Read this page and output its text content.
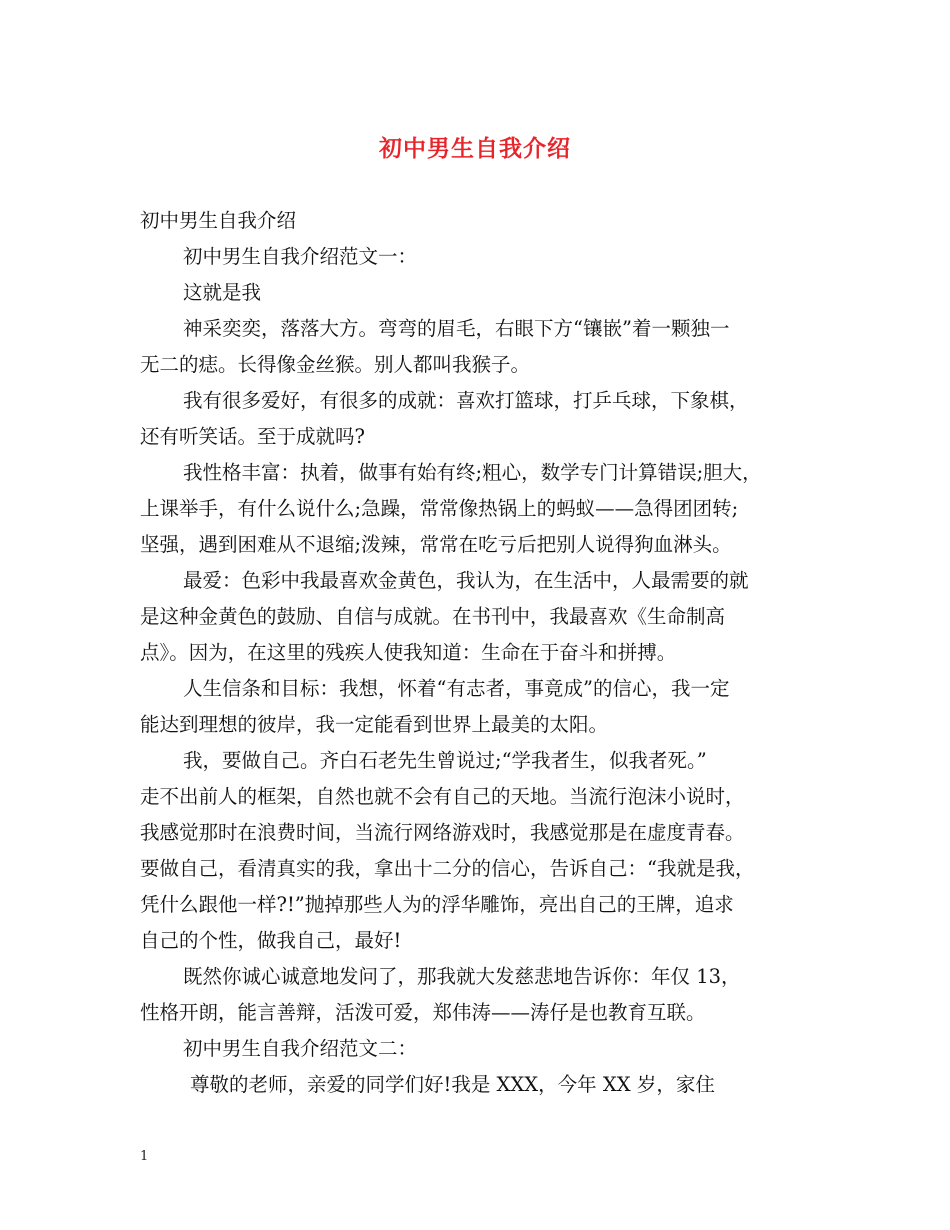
初中男生自我介绍

初中男生自我介绍

初中男生自我介绍范文一：

这就是我

神采奕奕，落落大方。弯弯的眉毛，右眼下方“镶嵌”着一颗独一

无二的痣。长得像金丝猴。别人都叫我猴子。

我有很多爱好，有很多的成就：喜欢打篮球，打乒乓球，下象棋，

还有听笑话。至于成就吗?

我性格丰富：执着，做事有始有终;粗心，数学专门计算错误;胆大，

上课举手，有什么说什么;急躁，常常像热锅上的蚂蚁——急得团团转;

坚强，遇到困难从不退缩;泼辣，常常在吃亏后把别人说得狗血淋头。

最爱：色彩中我最喜欢金黄色，我认为，在生活中，人最需要的就

是这种金黄色的鼓励、自信与成就。在书刊中，我最喜欢《生命制高

点》。因为，在这里的残疾人使我知道：生命在于奋斗和拼搏。

人生信条和目标：我想，怀着“有志者，事竟成”的信心，我一定

能达到理想的彼岸，我一定能看到世界上最美的太阳。

我，要做自己。齐白石老先生曾说过;“学我者生，似我者死。”

走不出前人的框架，自然也就不会有自己的天地。当流行泡沫小说时，

我感觉那时在浪费时间，当流行网络游戏时，我感觉那是在虚度青春。

要做自己，看清真实的我，拿出十二分的信心，告诉自己：“我就是我，

凭什么跟他一样?!”抛掉那些人为的浮华雕饰，亮出自己的王牌，追求

自己的个性，做我自己，最好!

既然你诚心诚意地发问了，那我就大发慈悲地告诉你：年仅 13，

性格开朗，能言善辩，活泼可爱，郑伟涛——涛仔是也教育互联。

初中男生自我介绍范文二：

尊敬的老师，亲爱的同学们好!我是 XXX，今年 XX 岁，家住

1
